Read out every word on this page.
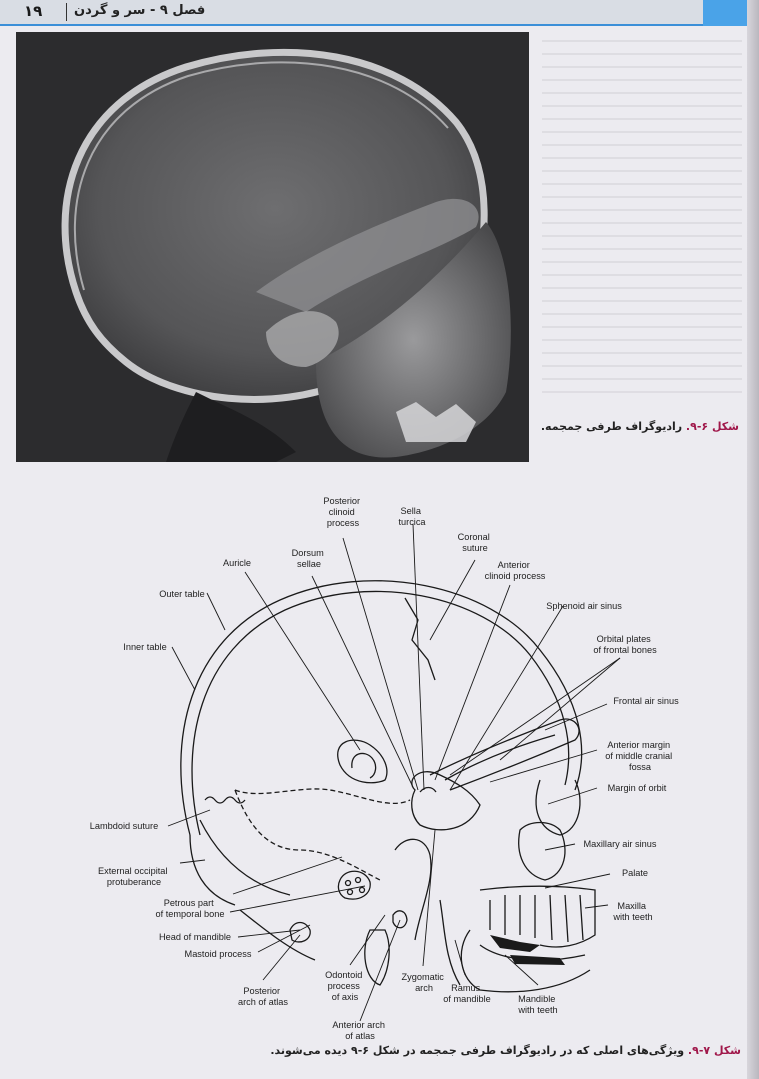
۱۹ فصل ۹ - سر و گردن
شکل ۶-۹. رادیوگراف طرفی جمجمه.
Posterior clinoid process
Sella turcica
Coronal suture
Auricle
Dorsum sellae	Anterior clinoid process
Outer table
Sphenoid air sinus
Orbital plates of frontal bones
Inner table
Frontal air sinus
Anterior margin of middle cranial fossa
Margin of orbit
Lambdoid suture
Maxillary air sinus
External occipital protuberance
Palate
Petrous part of temporal bone
Maxilla with teeth
Head of mandible
Mastoid process
Odontoid process of axis
Zygomatic arch	Ramus of mandible	Mandible with teeth
Posterior arch of atlas
Anterior arch of atlas
شکل ۷-۹. ویژگی‌های اصلی که در رادیوگراف طرفی جمجمه در شکل ۶-۹ دیده می‌شوند.
